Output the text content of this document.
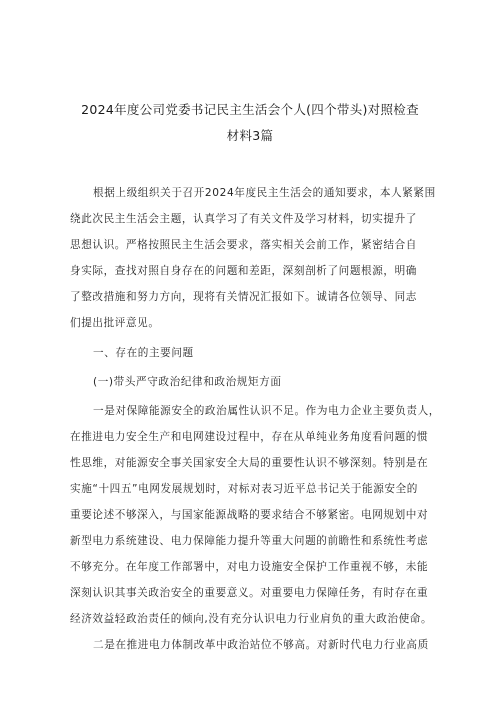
2024年度公司党委书记民主生活会个人(四个带头)对照检查
材料3篇
根据上级组织关于召开2024年度民主生活会的通知要求，本人紧紧围
绕此次民主生活会主题，认真学习了有关文件及学习材料，切实提升了
思想认识。严格按照民主生活会要求，落实相关会前工作，紧密结合自
身实际，查找对照自身存在的问题和差距，深刻剖析了问题根源，明确
了整改措施和努力方向，现将有关情况汇报如下。诚请各位领导、同志
们提出批评意见。
一、存在的主要问题
(一)带头严守政治纪律和政治规矩方面
一是对保障能源安全的政治属性认识不足。作为电力企业主要负责人，
在推进电力安全生产和电网建设过程中，存在从单纯业务角度看问题的惯
性思维，对能源安全事关国家安全大局的重要性认识不够深刻。特别是在
实施“十四五”电网发展规划时，对标对表习近平总书记关于能源安全的
重要论述不够深入，与国家能源战略的要求结合不够紧密。电网规划中对
新型电力系统建设、电力保障能力提升等重大问题的前瞻性和系统性考虑
不够充分。在年度工作部署中，对电力设施安全保护工作重视不够，未能
深刻认识其事关政治安全的重要意义。对重要电力保障任务，有时存在重
经济效益轻政治责任的倾向,没有充分认识电力行业肩负的重大政治使命。
二是在推进电力体制改革中政治站位不够高。对新时代电力行业高质
